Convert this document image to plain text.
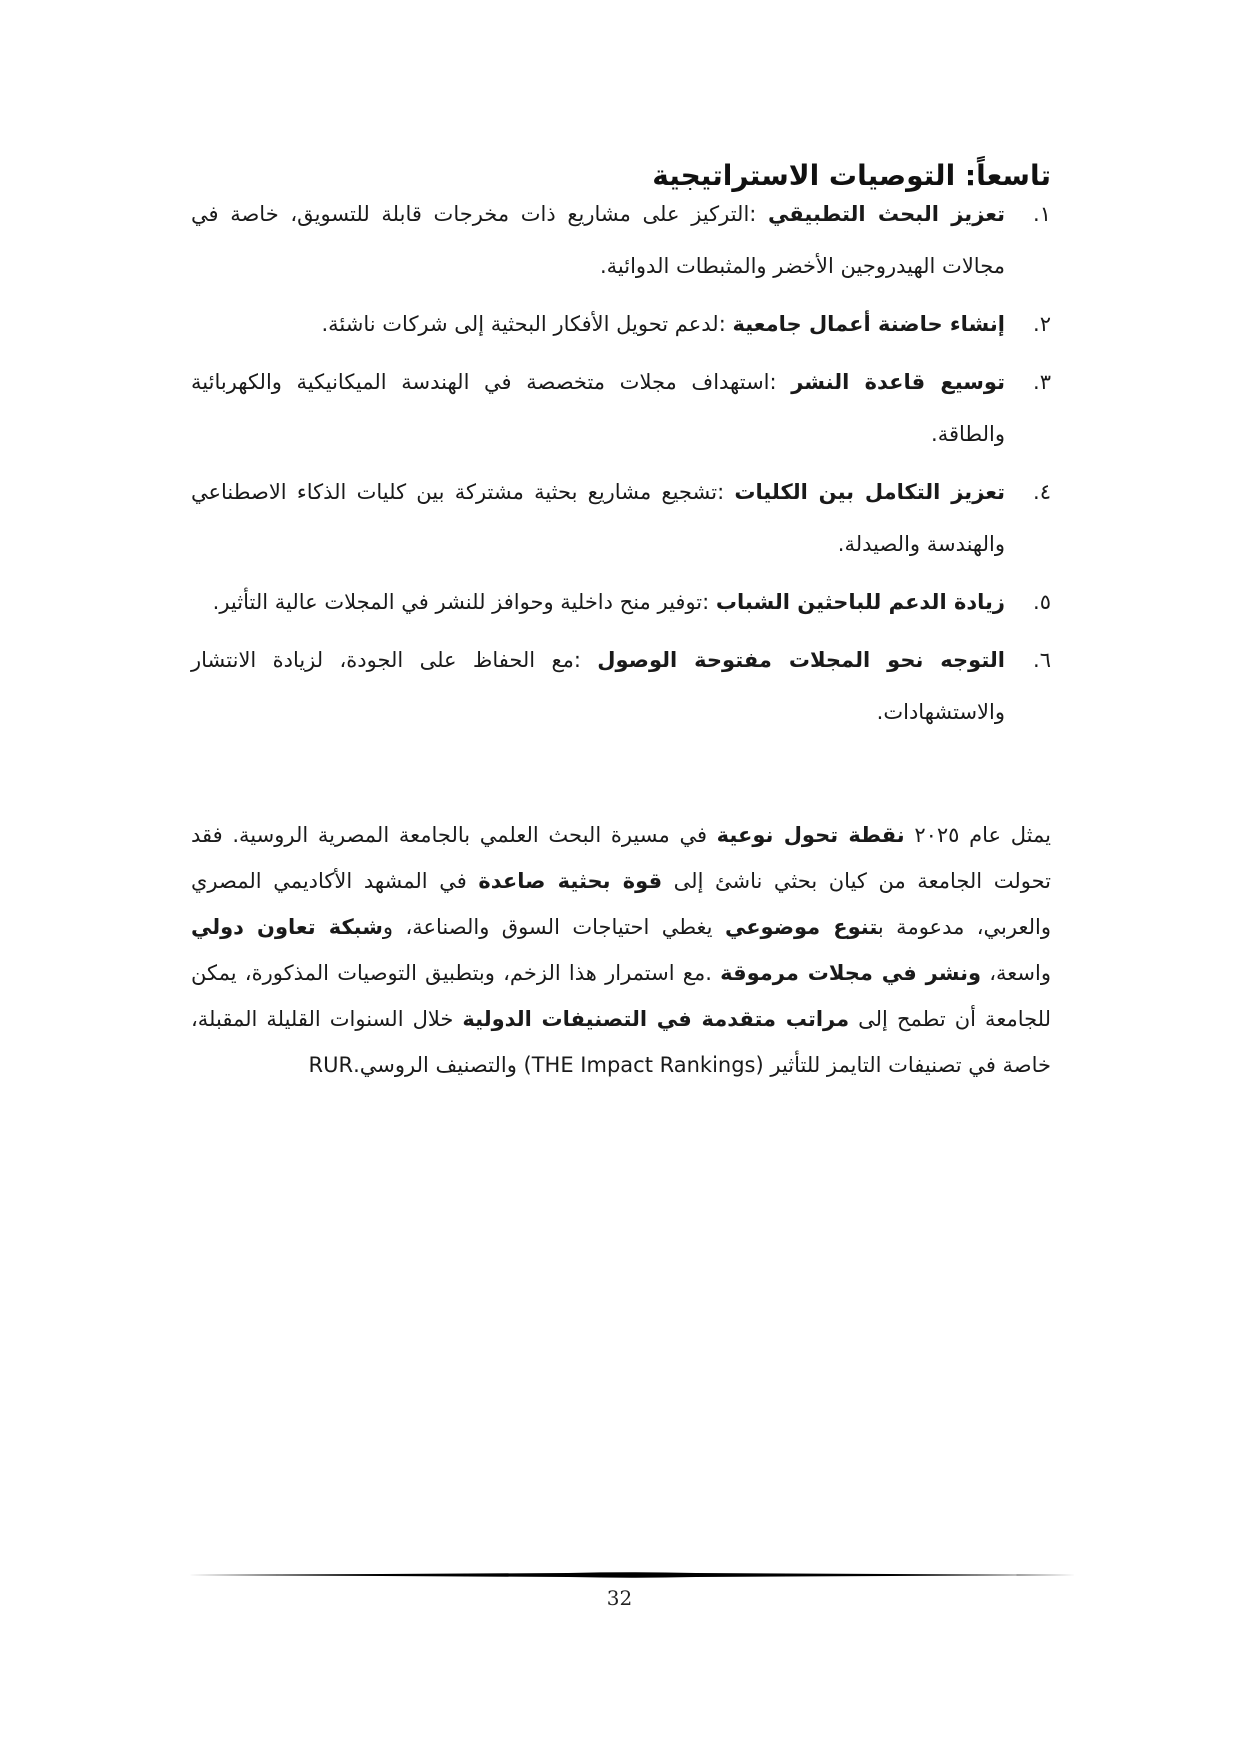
تاسعاً: التوصيات الاستراتيجية
١.
تعزيز البحث التطبيقي :التركيز على مشاريع ذات مخرجات قابلة للتسويق، خاصة في مجالات الهيدروجين الأخضر والمثبطات الدوائية.
٢.
إنشاء حاضنة أعمال جامعية :لدعم تحويل الأفكار البحثية إلى شركات ناشئة.
٣.
توسيع قاعدة النشر :استهداف مجلات متخصصة في الهندسة الميكانيكية والكهربائية والطاقة.
٤.
تعزيز التكامل بين الكليات :تشجيع مشاريع بحثية مشتركة بين كليات الذكاء الاصطناعي والهندسة والصيدلة.
٥.
زيادة الدعم للباحثين الشباب :توفير منح داخلية وحوافز للنشر في المجلات عالية التأثير.
٦.
التوجه نحو المجلات مفتوحة الوصول :مع الحفاظ على الجودة، لزيادة الانتشار والاستشهادات.

يمثل عام ٢٠٢٥ نقطة تحول نوعية في مسيرة البحث العلمي بالجامعة المصرية الروسية. فقد تحولت الجامعة من كيان بحثي ناشئ إلى قوة بحثية صاعدة في المشهد الأكاديمي المصري والعربي، مدعومة بتنوع موضوعي يغطي احتياجات السوق والصناعة، وشبكة تعاون دولي واسعة، ونشر في مجلات مرموقة .مع استمرار هذا الزخم، وبتطبيق التوصيات المذكورة، يمكن للجامعة أن تطمح إلى مراتب متقدمة في التصنيفات الدولية خلال السنوات القليلة المقبلة، خاصة في تصنيفات التايمز للتأثير (THE Impact Rankings) والتصنيف الروسي.RUR

32
